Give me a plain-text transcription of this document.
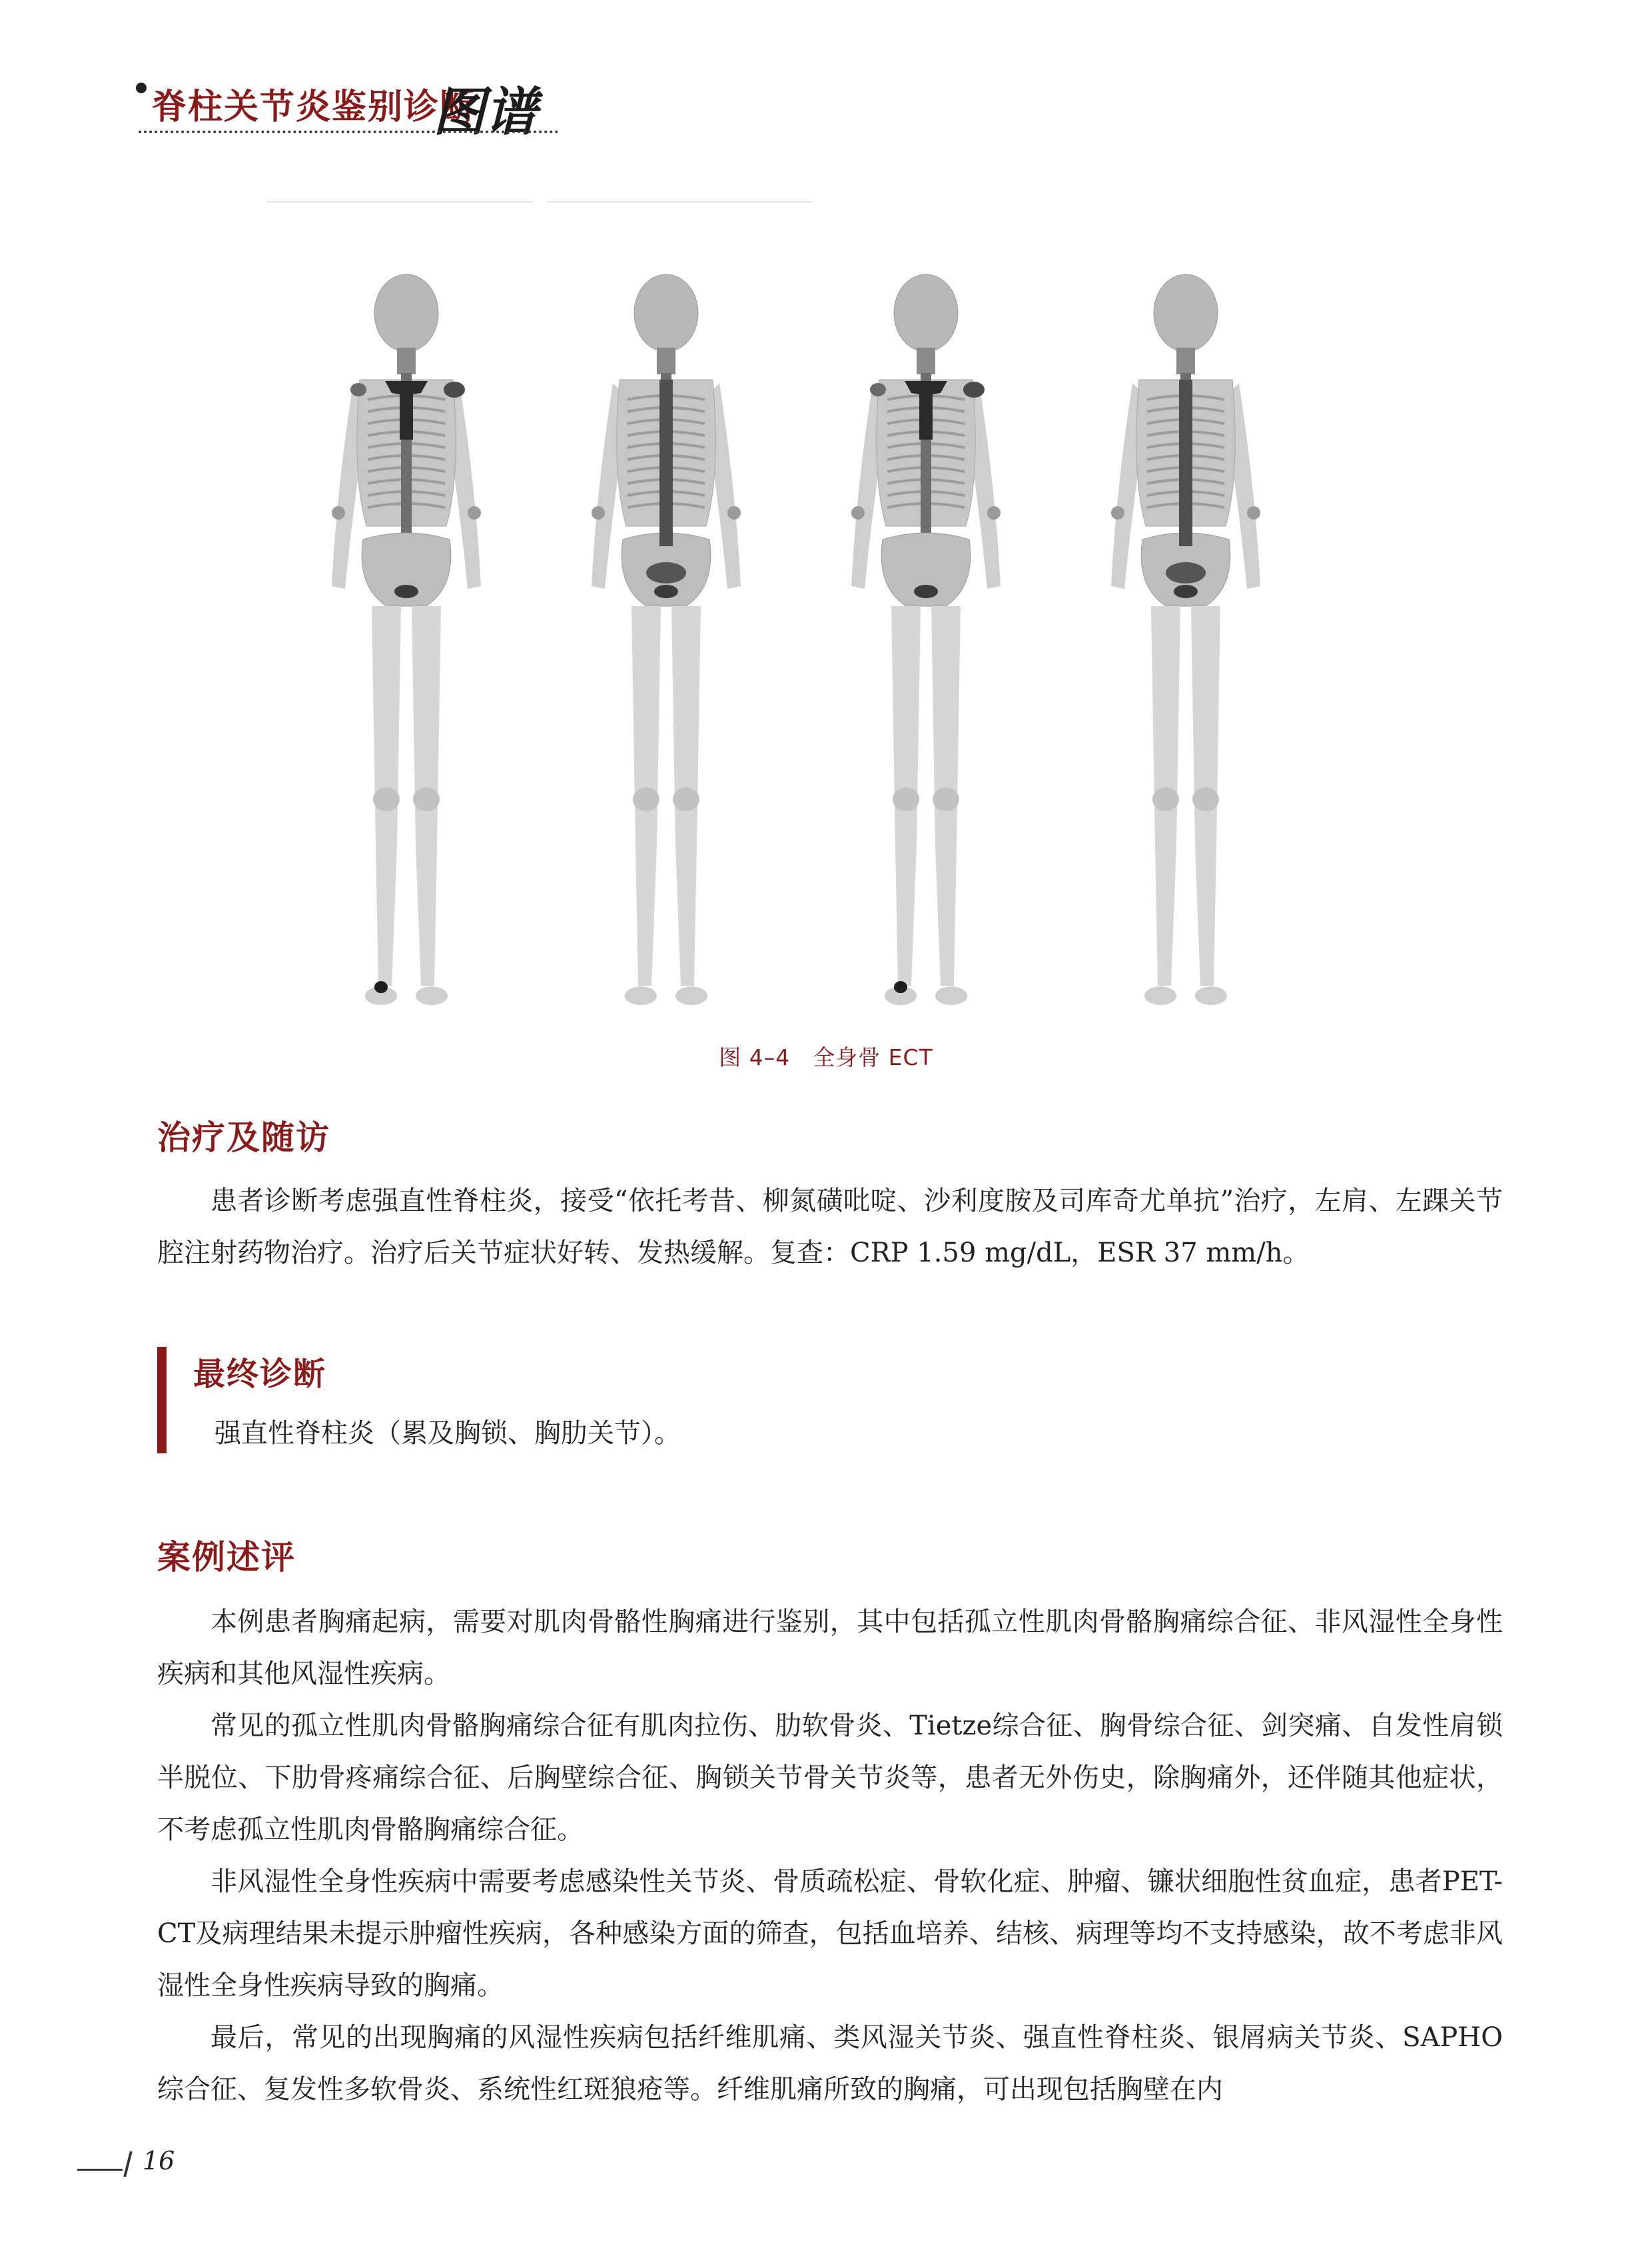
脊柱关节炎鉴别诊断
图谱
图 4–4　全身骨 ECT
治疗及随访
患者诊断考虑强直性脊柱炎，接受“依托考昔、柳氮磺吡啶、沙利度胺及司库奇尤单抗”治疗，左肩、左踝关节腔注射药物治疗。治疗后关节症状好转、发热缓解。复查：CRP 1.59 mg/dL，ESR 37 mm/h。
最终诊断
强直性脊柱炎（累及胸锁、胸肋关节）。
案例述评
本例患者胸痛起病，需要对肌肉骨骼性胸痛进行鉴别，其中包括孤立性肌肉骨骼胸痛综合征、非风湿性全身性疾病和其他风湿性疾病。
常见的孤立性肌肉骨骼胸痛综合征有肌肉拉伤、肋软骨炎、Tietze综合征、胸骨综合征、剑突痛、自发性肩锁半脱位、下肋骨疼痛综合征、后胸壁综合征、胸锁关节骨关节炎等，患者无外伤史，除胸痛外，还伴随其他症状，不考虑孤立性肌肉骨骼胸痛综合征。
非风湿性全身性疾病中需要考虑感染性关节炎、骨质疏松症、骨软化症、肿瘤、镰状细胞性贫血症，患者PET-CT及病理结果未提示肿瘤性疾病，各种感染方面的筛查，包括血培养、结核、病理等均不支持感染，故不考虑非风湿性全身性疾病导致的胸痛。
最后，常见的出现胸痛的风湿性疾病包括纤维肌痛、类风湿关节炎、强直性脊柱炎、银屑病关节炎、SAPHO综合征、复发性多软骨炎、系统性红斑狼疮等。纤维肌痛所致的胸痛，可出现包括胸壁在内
16
